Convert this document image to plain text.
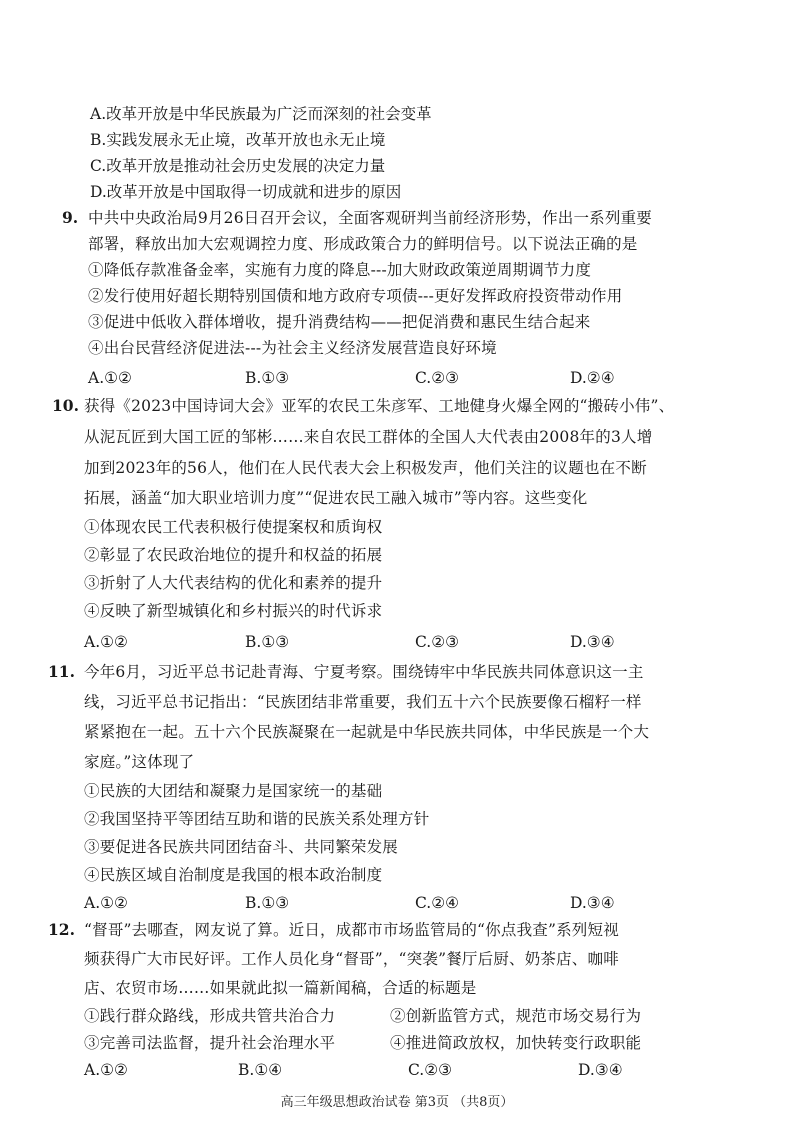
A.改革开放是中华民族最为广泛而深刻的社会变革
B.实践发展永无止境，改革开放也永无止境
C.改革开放是推动社会历史发展的决定力量
D.改革开放是中国取得一切成就和进步的原因
9. 中共中央政治局9月26日召开会议，全面客观研判当前经济形势，作出一系列重要
部署，释放出加大宏观调控力度、形成政策合力的鲜明信号。以下说法正确的是
①降低存款准备金率，实施有力度的降息---加大财政政策逆周期调节力度
②发行使用好超长期特别国债和地方政府专项债---更好发挥政府投资带动作用
③促进中低收入群体增收，提升消费结构——把促消费和惠民生结合起来
④出台民营经济促进法---为社会主义经济发展营造良好环境
A.①②	B.①③	C.②③	D.②④
10. 获得《2023中国诗词大会》亚军的农民工朱彦军、工地健身火爆全网的“搬砖小伟”、
从泥瓦匠到大国工匠的邹彬……来自农民工群体的全国人大代表由2008年的3人增
加到2023年的56人，他们在人民代表大会上积极发声，他们关注的议题也在不断
拓展，涵盖“加大职业培训力度”“促进农民工融入城市”等内容。这些变化
①体现农民工代表积极行使提案权和质询权
②彰显了农民政治地位的提升和权益的拓展
③折射了人大代表结构的优化和素养的提升
④反映了新型城镇化和乡村振兴的时代诉求
A.①②	B.①③	C.②③	D.③④
11. 今年6月，习近平总书记赴青海、宁夏考察。围绕铸牢中华民族共同体意识这一主
线，习近平总书记指出：“民族团结非常重要，我们五十六个民族要像石榴籽一样
紧紧抱在一起。五十六个民族凝聚在一起就是中华民族共同体，中华民族是一个大
家庭。”这体现了
①民族的大团结和凝聚力是国家统一的基础
②我国坚持平等团结互助和谐的民族关系处理方针
③要促进各民族共同团结奋斗、共同繁荣发展
④民族区域自治制度是我国的根本政治制度
A.①②	B.①③	C.②④	D.③④
12. “督哥”去哪查，网友说了算。近日，成都市市场监管局的“你点我查”系列短视
频获得广大市民好评。工作人员化身“督哥”，“突袭”餐厅后厨、奶茶店、咖啡
店、农贸市场……如果就此拟一篇新闻稿，合适的标题是
①践行群众路线，形成共管共治合力	②创新监管方式，规范市场交易行为
③完善司法监督，提升社会治理水平	④推进简政放权，加快转变行政职能
A.①②	B.①④	C.②③	D.③④
高三年级思想政治试卷 第3页 （共8页）
